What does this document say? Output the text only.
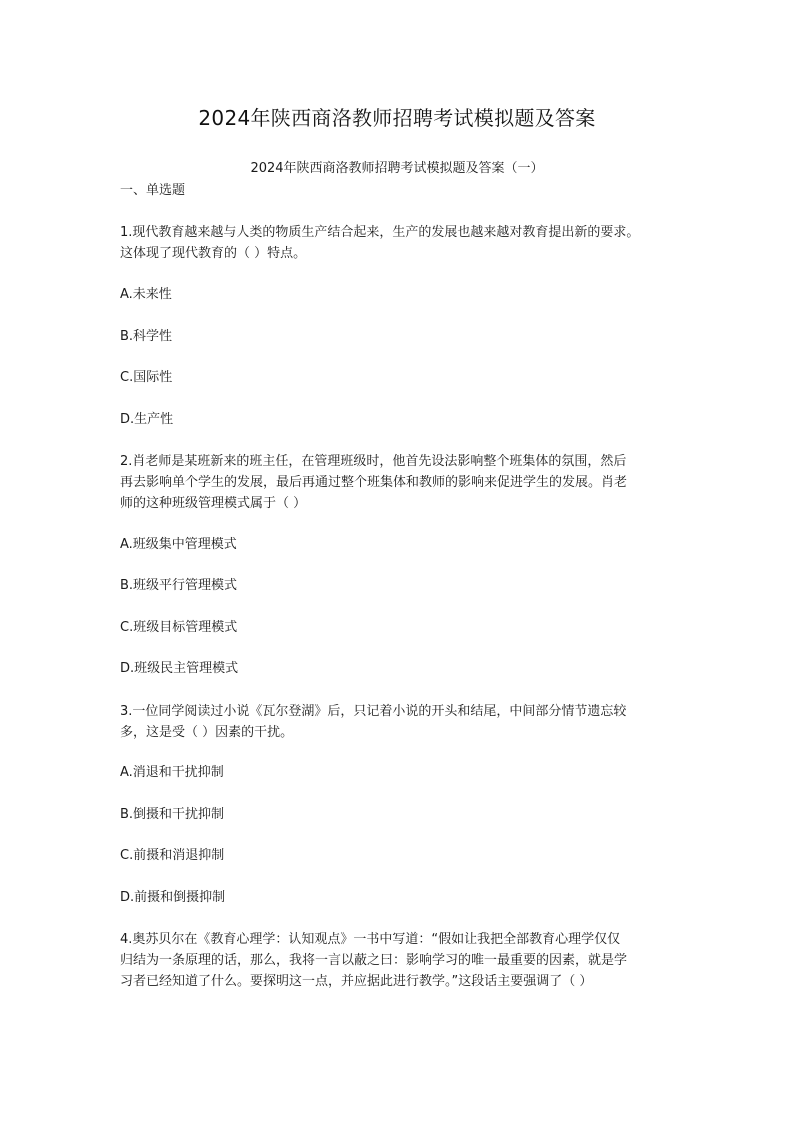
2024年陕西商洛教师招聘考试模拟题及答案
2024年陕西商洛教师招聘考试模拟题及答案（一）
一、单选题
1.现代教育越来越与人类的物质生产结合起来，生产的发展也越来越对教育提出新的要求。
这体现了现代教育的（ ）特点。
A.未来性
B.科学性
C.国际性
D.生产性
2.肖老师是某班新来的班主任，在管理班级时，他首先设法影响整个班集体的氛围，然后
再去影响单个学生的发展，最后再通过整个班集体和教师的影响来促进学生的发展。肖老
师的这种班级管理模式属于（ ）
A.班级集中管理模式
B.班级平行管理模式
C.班级目标管理模式
D.班级民主管理模式
3.一位同学阅读过小说《瓦尔登湖》后，只记着小说的开头和结尾，中间部分情节遗忘较
多，这是受（ ）因素的干扰。
A.消退和干扰抑制
B.倒摄和干扰抑制
C.前摄和消退抑制
D.前摄和倒摄抑制
4.奥苏贝尔在《教育心理学：认知观点》一书中写道：“假如让我把全部教育心理学仅仅
归结为一条原理的话，那么，我将一言以蔽之曰：影响学习的唯一最重要的因素，就是学
习者已经知道了什么。要探明这一点，并应据此进行教学。”这段话主要强调了（ ）
